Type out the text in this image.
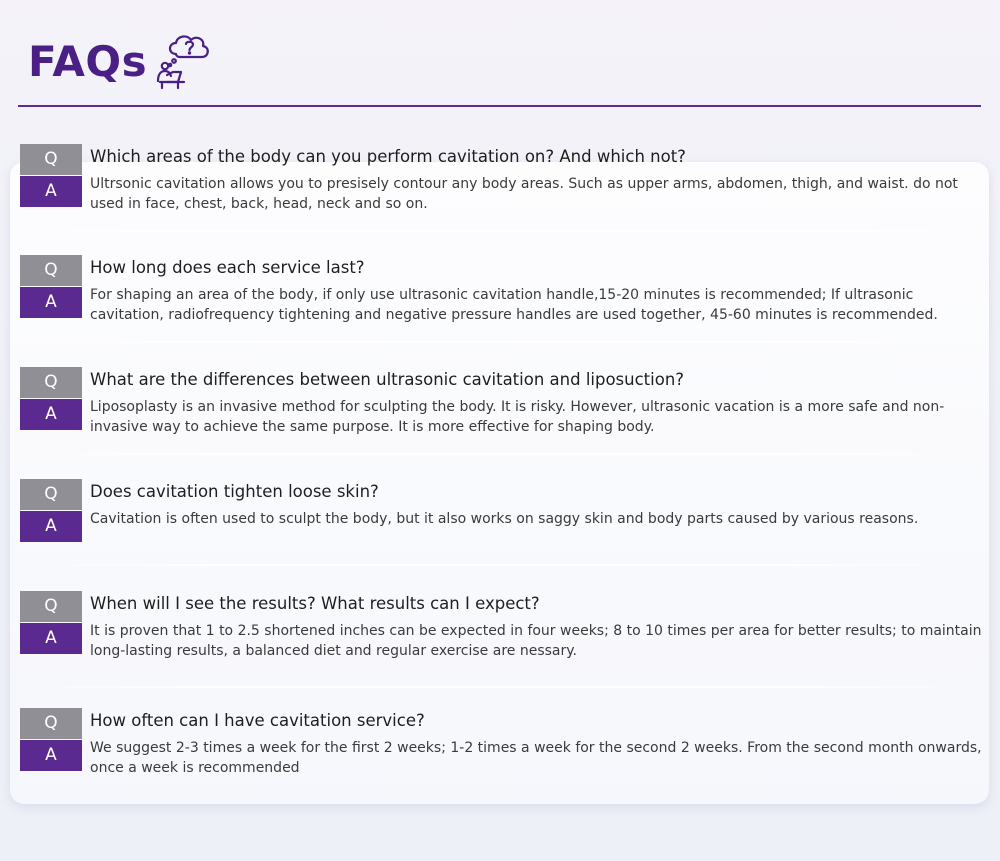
FAQs
Q
A
Which areas of the body can you perform cavitation on? And which not?
Ultrsonic cavitation allows you to presisely contour any body areas. Such as upper arms, abdomen, thigh, and waist. do not used in face, chest, back, head, neck and so on.
Q
A
How long does each service last?
For shaping an area of the body, if only use ultrasonic cavitation handle,15-20 minutes is recommended; If ultrasonic cavitation, radiofrequency tightening and negative pressure handles are used together, 45-60 minutes is recommended.
Q
A
What are the differences between ultrasonic cavitation and liposuction?
Liposoplasty is an invasive method for sculpting the body. It is risky. However, ultrasonic vacation is a more safe and non-invasive way to achieve the same purpose. It is more effective for shaping body.
Q
A
Does cavitation tighten loose skin?
Cavitation is often used to sculpt the body, but it also works on saggy skin and body parts caused by various reasons.
Q
A
When will I see the results? What results can I expect?
It is proven that 1 to 2.5 shortened inches can be expected in four weeks; 8 to 10 times per area for better results; to maintain long-lasting results, a balanced diet and regular exercise are nessary.
Q
A
How often can I have cavitation service?
We suggest 2-3 times a week for the first 2 weeks; 1-2 times a week for the second 2 weeks. From the second month onwards, once a week is recommended
